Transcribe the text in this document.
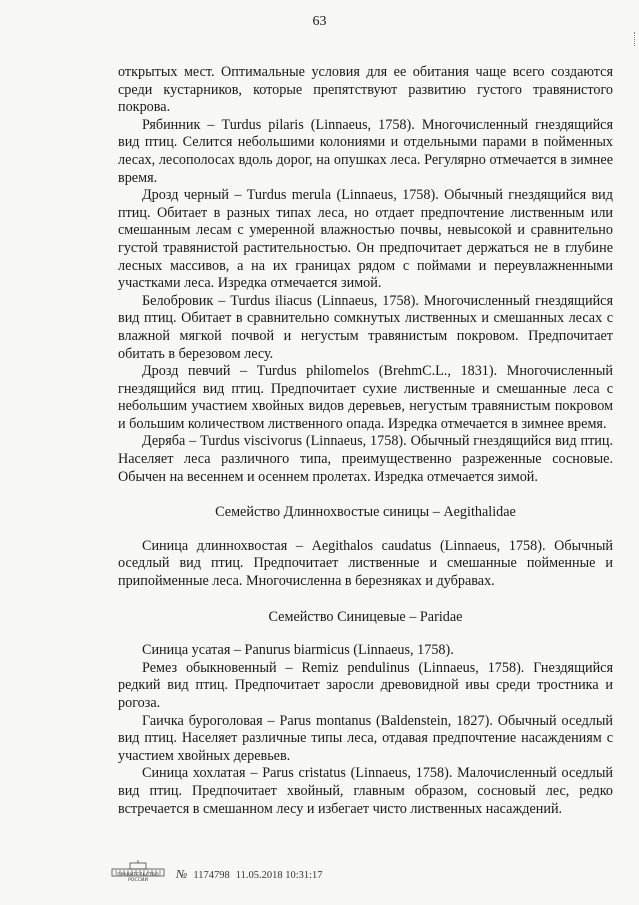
63

открытых мест. Оптимальные условия для ее обитания чаще всего создаются среди кустарников, которые препятствуют развитию густого травянистого покрова.

Рябинник – Turdus pilaris (Linnaeus, 1758). Многочисленный гнездящийся вид птиц. Селится небольшими колониями и отдельными парами в пойменных лесах, лесополосах вдоль дорог, на опушках леса. Регулярно отмечается в зимнее время.

Дрозд черный – Turdus merula (Linnaeus, 1758). Обычный гнездящийся вид птиц. Обитает в разных типах леса, но отдает предпочтение лиственным или смешанным лесам с умеренной влажностью почвы, невысокой и сравнительно густой травянистой растительностью. Он предпочитает держаться не в глубине лесных массивов, а на их границах рядом с поймами и переувлажненными участками леса. Изредка отмечается зимой.

Белобровик – Turdus iliacus (Linnaeus, 1758). Многочисленный гнездящийся вид птиц. Обитает в сравнительно сомкнутых лиственных и смешанных лесах с влажной мягкой почвой и негустым травянистым покровом. Предпочитает обитать в березовом лесу.

Дрозд певчий – Turdus philomelos (BrehmC.L., 1831). Многочисленный гнездящийся вид птиц. Предпочитает сухие лиственные и смешанные леса с небольшим участием хвойных видов деревьев, негустым травянистым покровом и большим количеством лиственного опада. Изредка отмечается в зимнее время.

Деряба – Turdus viscivorus (Linnaeus, 1758). Обычный гнездящийся вид птиц. Населяет леса различного типа, преимущественно разреженные сосновые. Обычен на весеннем и осеннем пролетах. Изредка отмечается зимой.

Семейство Длиннохвостые синицы – Aegithalidae

Синица длиннохвостая – Aegithalos caudatus (Linnaeus, 1758). Обычный оседлый вид птиц. Предпочитает лиственные и смешанные пойменные и припойменные леса. Многочисленна в березняках и дубравах.

Семейство Синицевые – Paridae

Синица усатая – Panurus biarmicus (Linnaeus, 1758).

Ремез обыкновенный – Remiz pendulinus (Linnaeus, 1758). Гнездящийся редкий вид птиц. Предпочитает заросли древовидной ивы среди тростника и рогоза.

Гаичка буроголовая – Parus montanus (Baldenstein, 1827). Обычный оседлый вид птиц. Населяет различные типы леса, отдавая предпочтение насаждениям с участием хвойных деревьев.

Синица хохлатая – Parus cristatus (Linnaeus, 1758). Малочисленный оседлый вид птиц. Предпочитает хвойный, главным образом, сосновый лес, редко встречается в смешанном лесу и избегает чисто лиственных насаждений.

ПРАВИТЕЛЬСТВО РОССИИ	№ 1174798 11.05.2018 10:31:17
